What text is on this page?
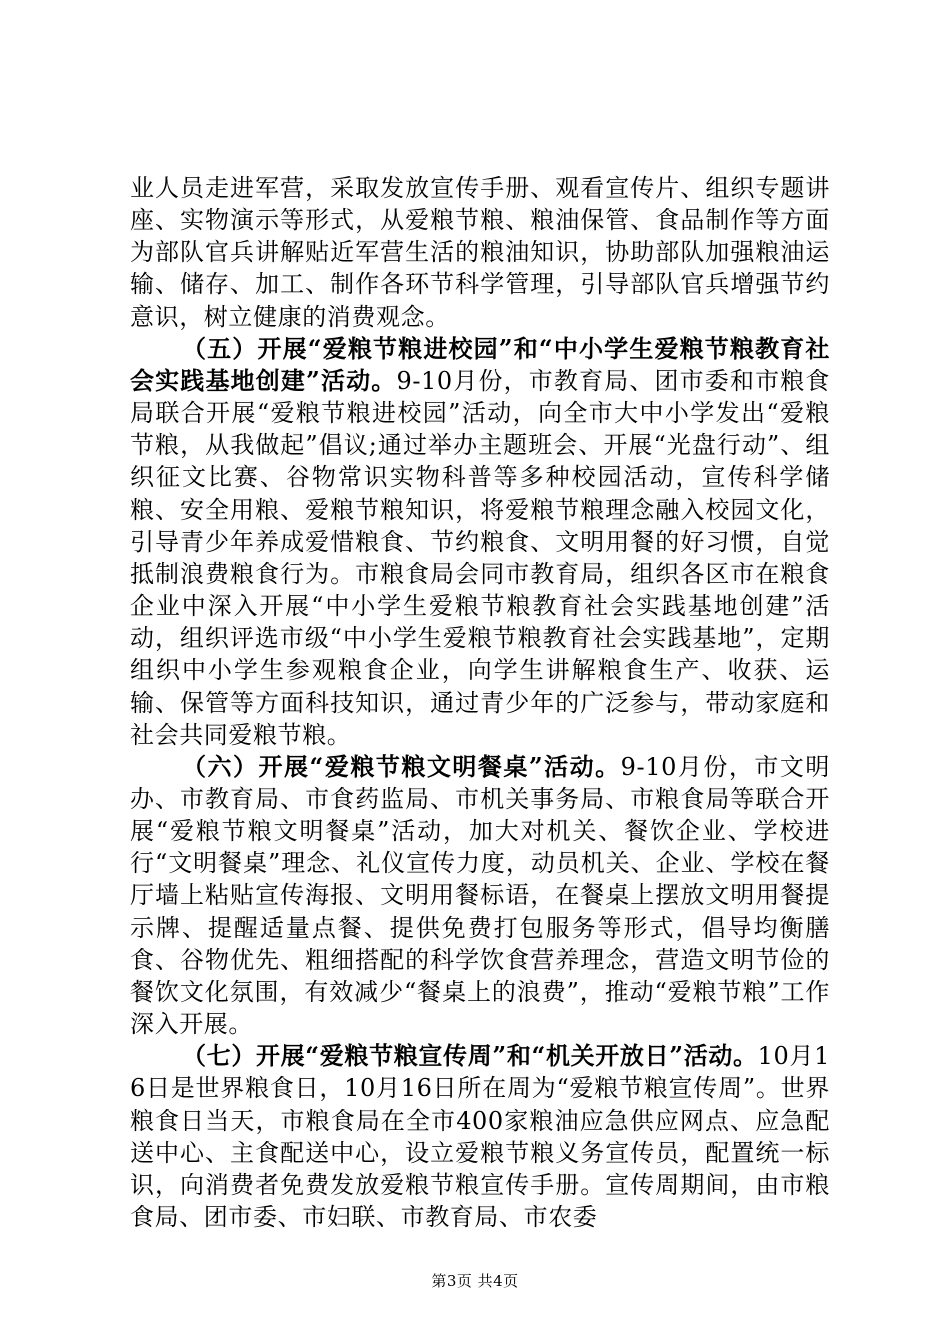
业人员走进军营，采取发放宣传手册、观看宣传片、组织专题讲座、实物演示等形式，从爱粮节粮、粮油保管、食品制作等方面为部队官兵讲解贴近军营生活的粮油知识，协助部队加强粮油运输、储存、加工、制作各环节科学管理，引导部队官兵增强节约意识，树立健康的消费观念。

（五）开展“爱粮节粮进校园”和“中小学生爱粮节粮教育社会实践基地创建”活动。9-10月份，市教育局、团市委和市粮食局联合开展“爱粮节粮进校园”活动，向全市大中小学发出“爱粮节粮，从我做起”倡议;通过举办主题班会、开展“光盘行动”、组织征文比赛、谷物常识实物科普等多种校园活动，宣传科学储粮、安全用粮、爱粮节粮知识，将爱粮节粮理念融入校园文化，引导青少年养成爱惜粮食、节约粮食、文明用餐的好习惯，自觉抵制浪费粮食行为。市粮食局会同市教育局，组织各区市在粮食企业中深入开展“中小学生爱粮节粮教育社会实践基地创建”活动，组织评选市级“中小学生爱粮节粮教育社会实践基地”，定期组织中小学生参观粮食企业，向学生讲解粮食生产、收获、运输、保管等方面科技知识，通过青少年的广泛参与，带动家庭和社会共同爱粮节粮。

（六）开展“爱粮节粮文明餐桌”活动。9-10月份，市文明办、市教育局、市食药监局、市机关事务局、市粮食局等联合开展“爱粮节粮文明餐桌”活动，加大对机关、餐饮企业、学校进行“文明餐桌”理念、礼仪宣传力度，动员机关、企业、学校在餐厅墙上粘贴宣传海报、文明用餐标语，在餐桌上摆放文明用餐提示牌、提醒适量点餐、提供免费打包服务等形式，倡导均衡膳食、谷物优先、粗细搭配的科学饮食营养理念，营造文明节俭的餐饮文化氛围，有效减少“餐桌上的浪费”，推动“爱粮节粮”工作深入开展。

（七）开展“爱粮节粮宣传周”和“机关开放日”活动。10月16日是世界粮食日，10月16日所在周为“爱粮节粮宣传周”。世界粮食日当天，市粮食局在全市400家粮油应急供应网点、应急配送中心、主食配送中心，设立爱粮节粮义务宣传员，配置统一标识，向消费者免费发放爱粮节粮宣传手册。宣传周期间，由市粮食局、团市委、市妇联、市教育局、市农委

第3页 共4页
